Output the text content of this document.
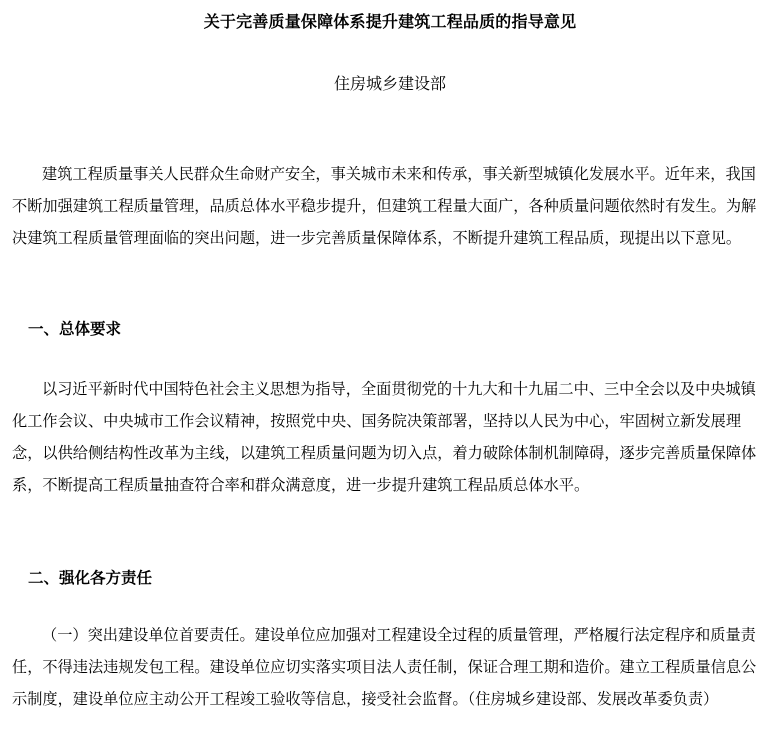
关于完善质量保障体系提升建筑工程品质的指导意见
住房城乡建设部

建筑工程质量事关人民群众生命财产安全，事关城市未来和传承，事关新型城镇化发展水平。近年来，我国不断加强建筑工程质量管理，品质总体水平稳步提升，但建筑工程量大面广，各种质量问题依然时有发生。为解决建筑工程质量管理面临的突出问题，进一步完善质量保障体系，不断提升建筑工程品质，现提出以下意见。

一、总体要求

以习近平新时代中国特色社会主义思想为指导，全面贯彻党的十九大和十九届二中、三中全会以及中央城镇化工作会议、中央城市工作会议精神，按照党中央、国务院决策部署，坚持以人民为中心，牢固树立新发展理念，以供给侧结构性改革为主线，以建筑工程质量问题为切入点，着力破除体制机制障碍，逐步完善质量保障体系，不断提高工程质量抽查符合率和群众满意度，进一步提升建筑工程品质总体水平。

二、强化各方责任

（一）突出建设单位首要责任。建设单位应加强对工程建设全过程的质量管理，严格履行法定程序和质量责任，不得违法违规发包工程。建设单位应切实落实项目法人责任制，保证合理工期和造价。建立工程质量信息公示制度，建设单位应主动公开工程竣工验收等信息，接受社会监督。（住房城乡建设部、发展改革委负责）
